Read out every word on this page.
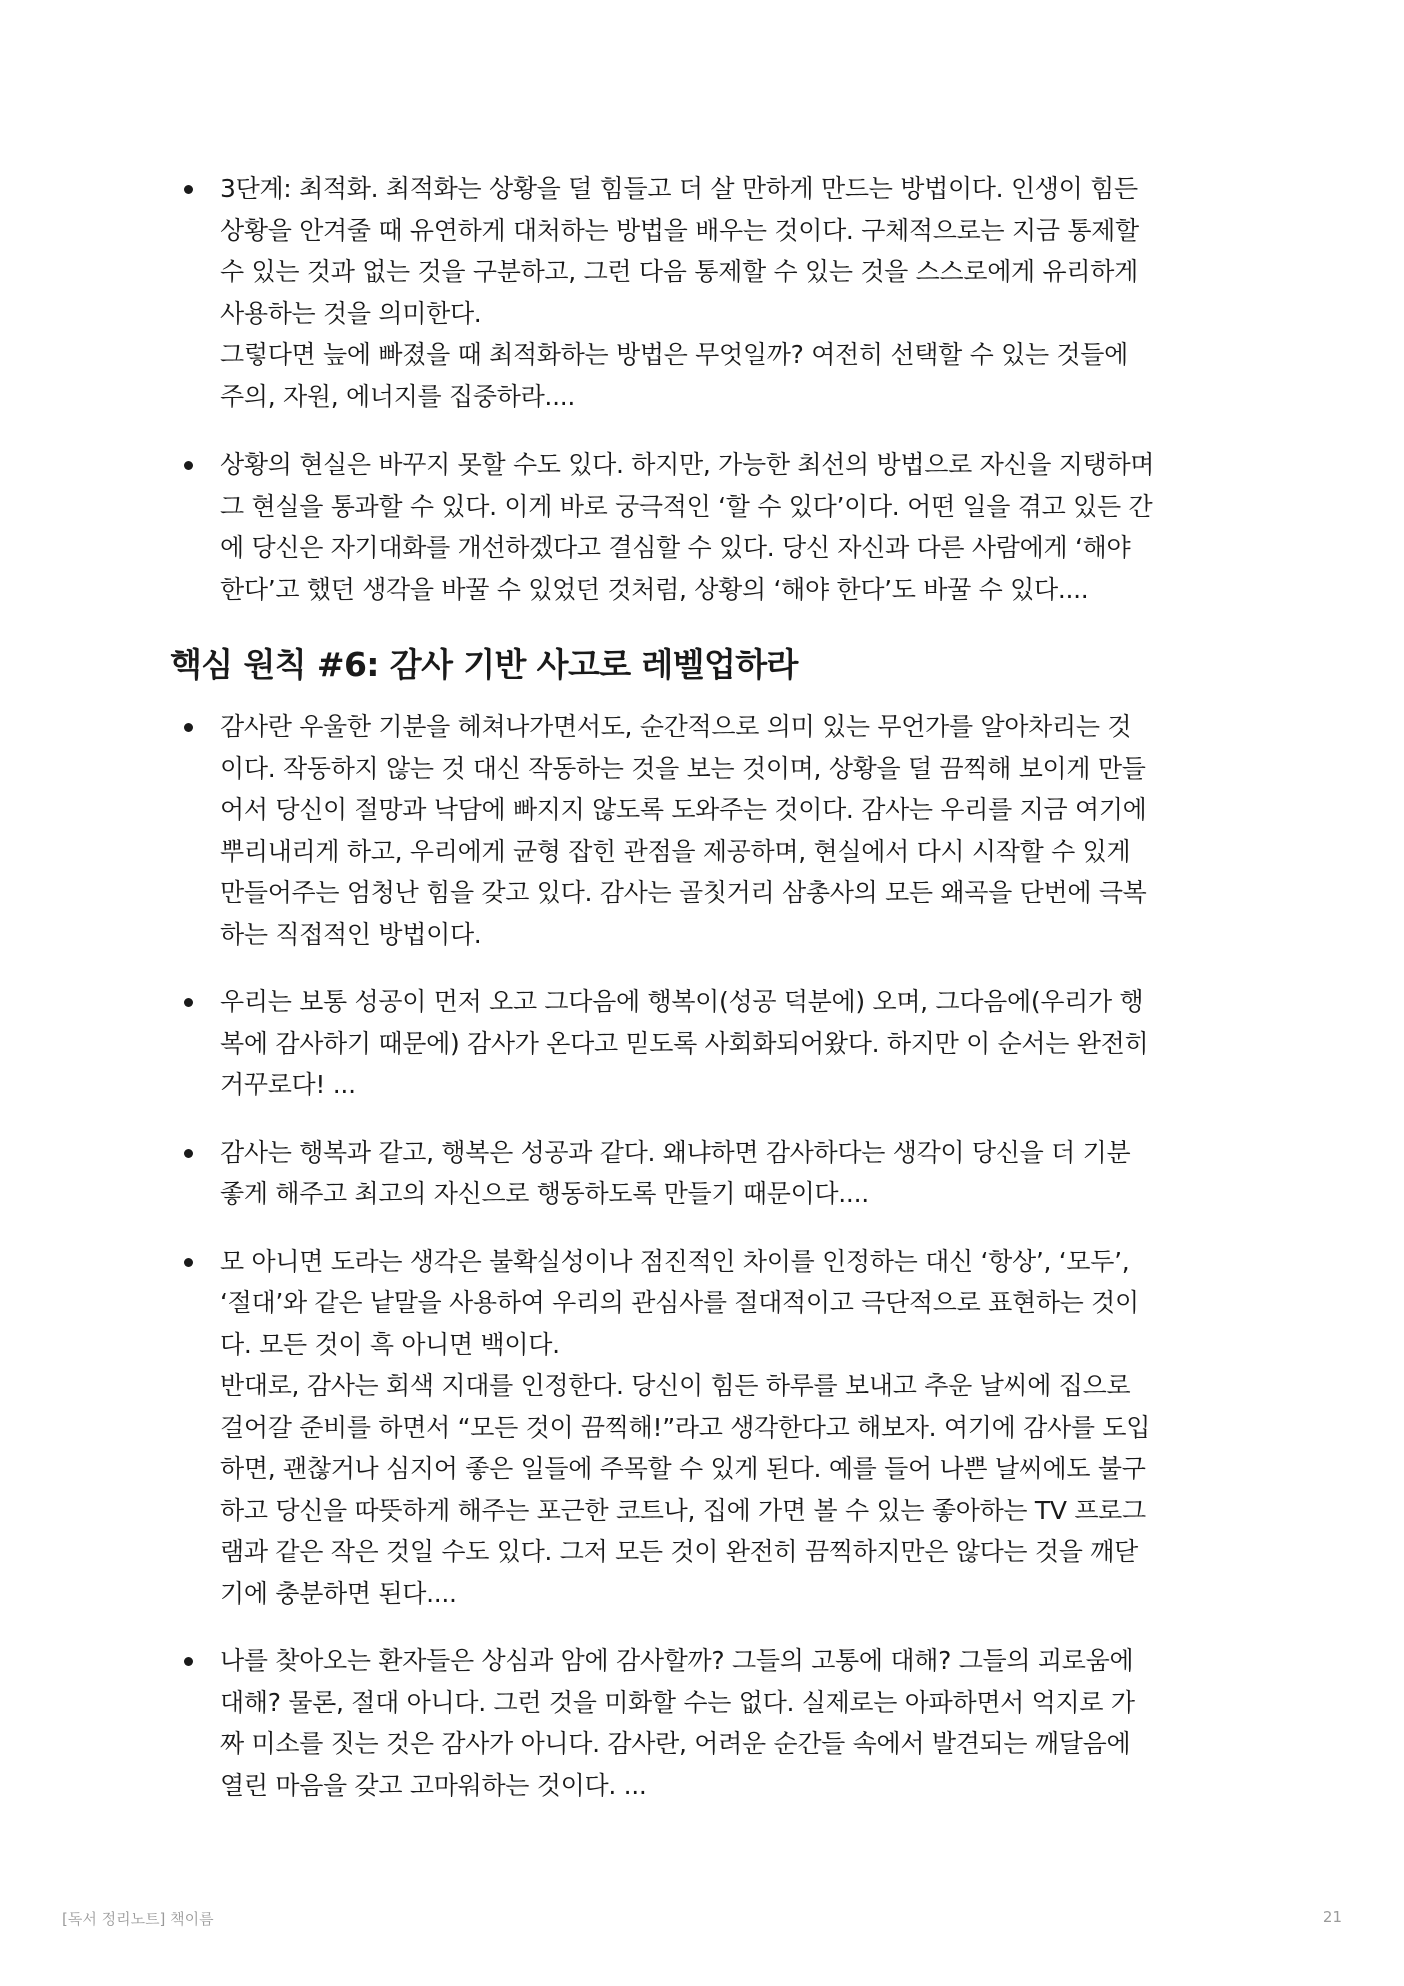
3단계: 최적화. 최적화는 상황을 덜 힘들고 더 살 만하게 만드는 방법이다. 인생이 힘든
상황을 안겨줄 때 유연하게 대처하는 방법을 배우는 것이다. 구체적으로는 지금 통제할
수 있는 것과 없는 것을 구분하고, 그런 다음 통제할 수 있는 것을 스스로에게 유리하게
사용하는 것을 의미한다.
그렇다면 늪에 빠졌을 때 최적화하는 방법은 무엇일까? 여전히 선택할 수 있는 것들에
주의, 자원, 에너지를 집중하라....
상황의 현실은 바꾸지 못할 수도 있다. 하지만, 가능한 최선의 방법으로 자신을 지탱하며
그 현실을 통과할 수 있다. 이게 바로 궁극적인 ‘할 수 있다’이다. 어떤 일을 겪고 있든 간
에 당신은 자기대화를 개선하겠다고 결심할 수 있다. 당신 자신과 다른 사람에게 ‘해야
한다’고 했던 생각을 바꿀 수 있었던 것처럼, 상황의 ‘해야 한다’도 바꿀 수 있다....
핵심 원칙 #6: 감사 기반 사고로 레벨업하라
감사란 우울한 기분을 헤쳐나가면서도, 순간적으로 의미 있는 무언가를 알아차리는 것
이다. 작동하지 않는 것 대신 작동하는 것을 보는 것이며, 상황을 덜 끔찍해 보이게 만들
어서 당신이 절망과 낙담에 빠지지 않도록 도와주는 것이다. 감사는 우리를 지금 여기에
뿌리내리게 하고, 우리에게 균형 잡힌 관점을 제공하며, 현실에서 다시 시작할 수 있게
만들어주는 엄청난 힘을 갖고 있다. 감사는 골칫거리 삼총사의 모든 왜곡을 단번에 극복
하는 직접적인 방법이다.
우리는 보통 성공이 먼저 오고 그다음에 행복이(성공 덕분에) 오며, 그다음에(우리가 행
복에 감사하기 때문에) 감사가 온다고 믿도록 사회화되어왔다. 하지만 이 순서는 완전히
거꾸로다! ...
감사는 행복과 같고, 행복은 성공과 같다. 왜냐하면 감사하다는 생각이 당신을 더 기분
좋게 해주고 최고의 자신으로 행동하도록 만들기 때문이다....
모 아니면 도라는 생각은 불확실성이나 점진적인 차이를 인정하는 대신 ‘항상’, ‘모두’,
‘절대’와 같은 낱말을 사용하여 우리의 관심사를 절대적이고 극단적으로 표현하는 것이
다. 모든 것이 흑 아니면 백이다.
반대로, 감사는 회색 지대를 인정한다. 당신이 힘든 하루를 보내고 추운 날씨에 집으로
걸어갈 준비를 하면서 “모든 것이 끔찍해!”라고 생각한다고 해보자. 여기에 감사를 도입
하면, 괜찮거나 심지어 좋은 일들에 주목할 수 있게 된다. 예를 들어 나쁜 날씨에도 불구
하고 당신을 따뜻하게 해주는 포근한 코트나, 집에 가면 볼 수 있는 좋아하는 TV 프로그
램과 같은 작은 것일 수도 있다. 그저 모든 것이 완전히 끔찍하지만은 않다는 것을 깨닫
기에 충분하면 된다....
나를 찾아오는 환자들은 상심과 암에 감사할까? 그들의 고통에 대해? 그들의 괴로움에
대해? 물론, 절대 아니다. 그런 것을 미화할 수는 없다. 실제로는 아파하면서 억지로 가
짜 미소를 짓는 것은 감사가 아니다. 감사란, 어려운 순간들 속에서 발견되는 깨달음에
열린 마음을 갖고 고마워하는 것이다. ...
[독서 정리노트] 책이름	21
